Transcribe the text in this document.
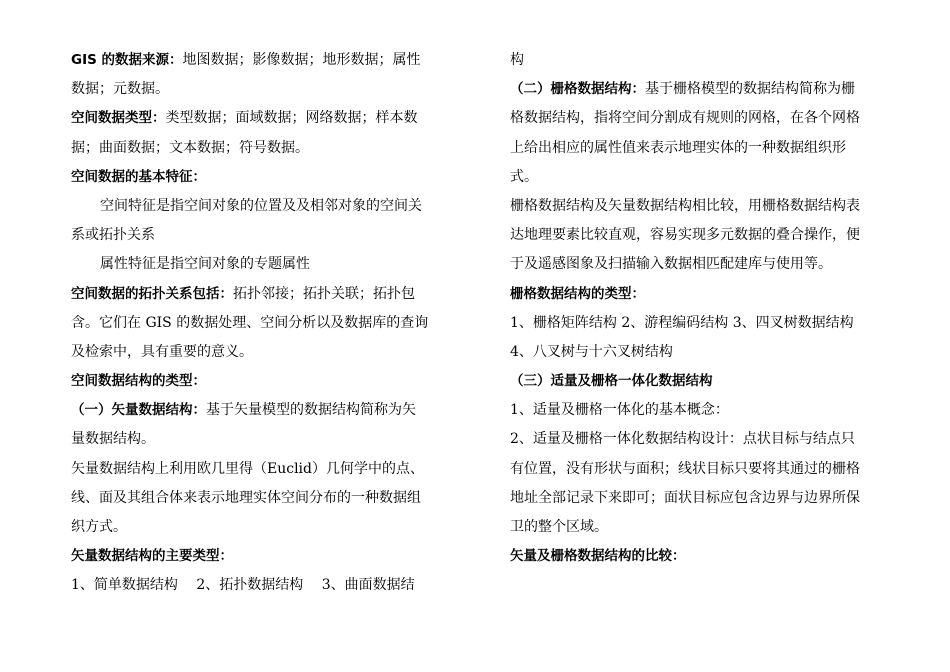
GIS 的数据来源：地图数据；影像数据；地形数据；属性
数据；元数据。
空间数据类型：类型数据；面域数据；网络数据；样本数
据；曲面数据；文本数据；符号数据。
空间数据的基本特征：
空间特征是指空间对象的位置及及相邻对象的空间关
系或拓扑关系
属性特征是指空间对象的专题属性
空间数据的拓扑关系包括：拓扑邻接；拓扑关联；拓扑包
含。它们在 GIS 的数据处理、空间分析以及数据库的查询
及检索中，具有重要的意义。
空间数据结构的类型：
（一）矢量数据结构：基于矢量模型的数据结构简称为矢
量数据结构。
矢量数据结构上利用欧几里得（Euclid）几何学中的点、
线、面及其组合体来表示地理实体空间分布的一种数据组
织方式。
矢量数据结构的主要类型：
1、简单数据结构　 2、拓扑数据结构　 3、曲面数据结
构
（二）栅格数据结构：基于栅格模型的数据结构简称为栅
格数据结构，指将空间分割成有规则的网格，在各个网格
上给出相应的属性值来表示地理实体的一种数据组织形
式。
栅格数据结构及矢量数据结构相比较，用栅格数据结构表
达地理要素比较直观，容易实现多元数据的叠合操作，便
于及遥感图象及扫描输入数据相匹配建库与使用等。
栅格数据结构的类型：
1、栅格矩阵结构 2、游程编码结构 3、四叉树数据结构
4、八叉树与十六叉树结构
（三）适量及栅格一体化数据结构
1、适量及栅格一体化的基本概念：
2、适量及栅格一体化数据结构设计：点状目标与结点只
有位置，没有形状与面积；线状目标只要将其通过的栅格
地址全部记录下来即可；面状目标应包含边界与边界所保
卫的整个区域。
矢量及栅格数据结构的比较：
